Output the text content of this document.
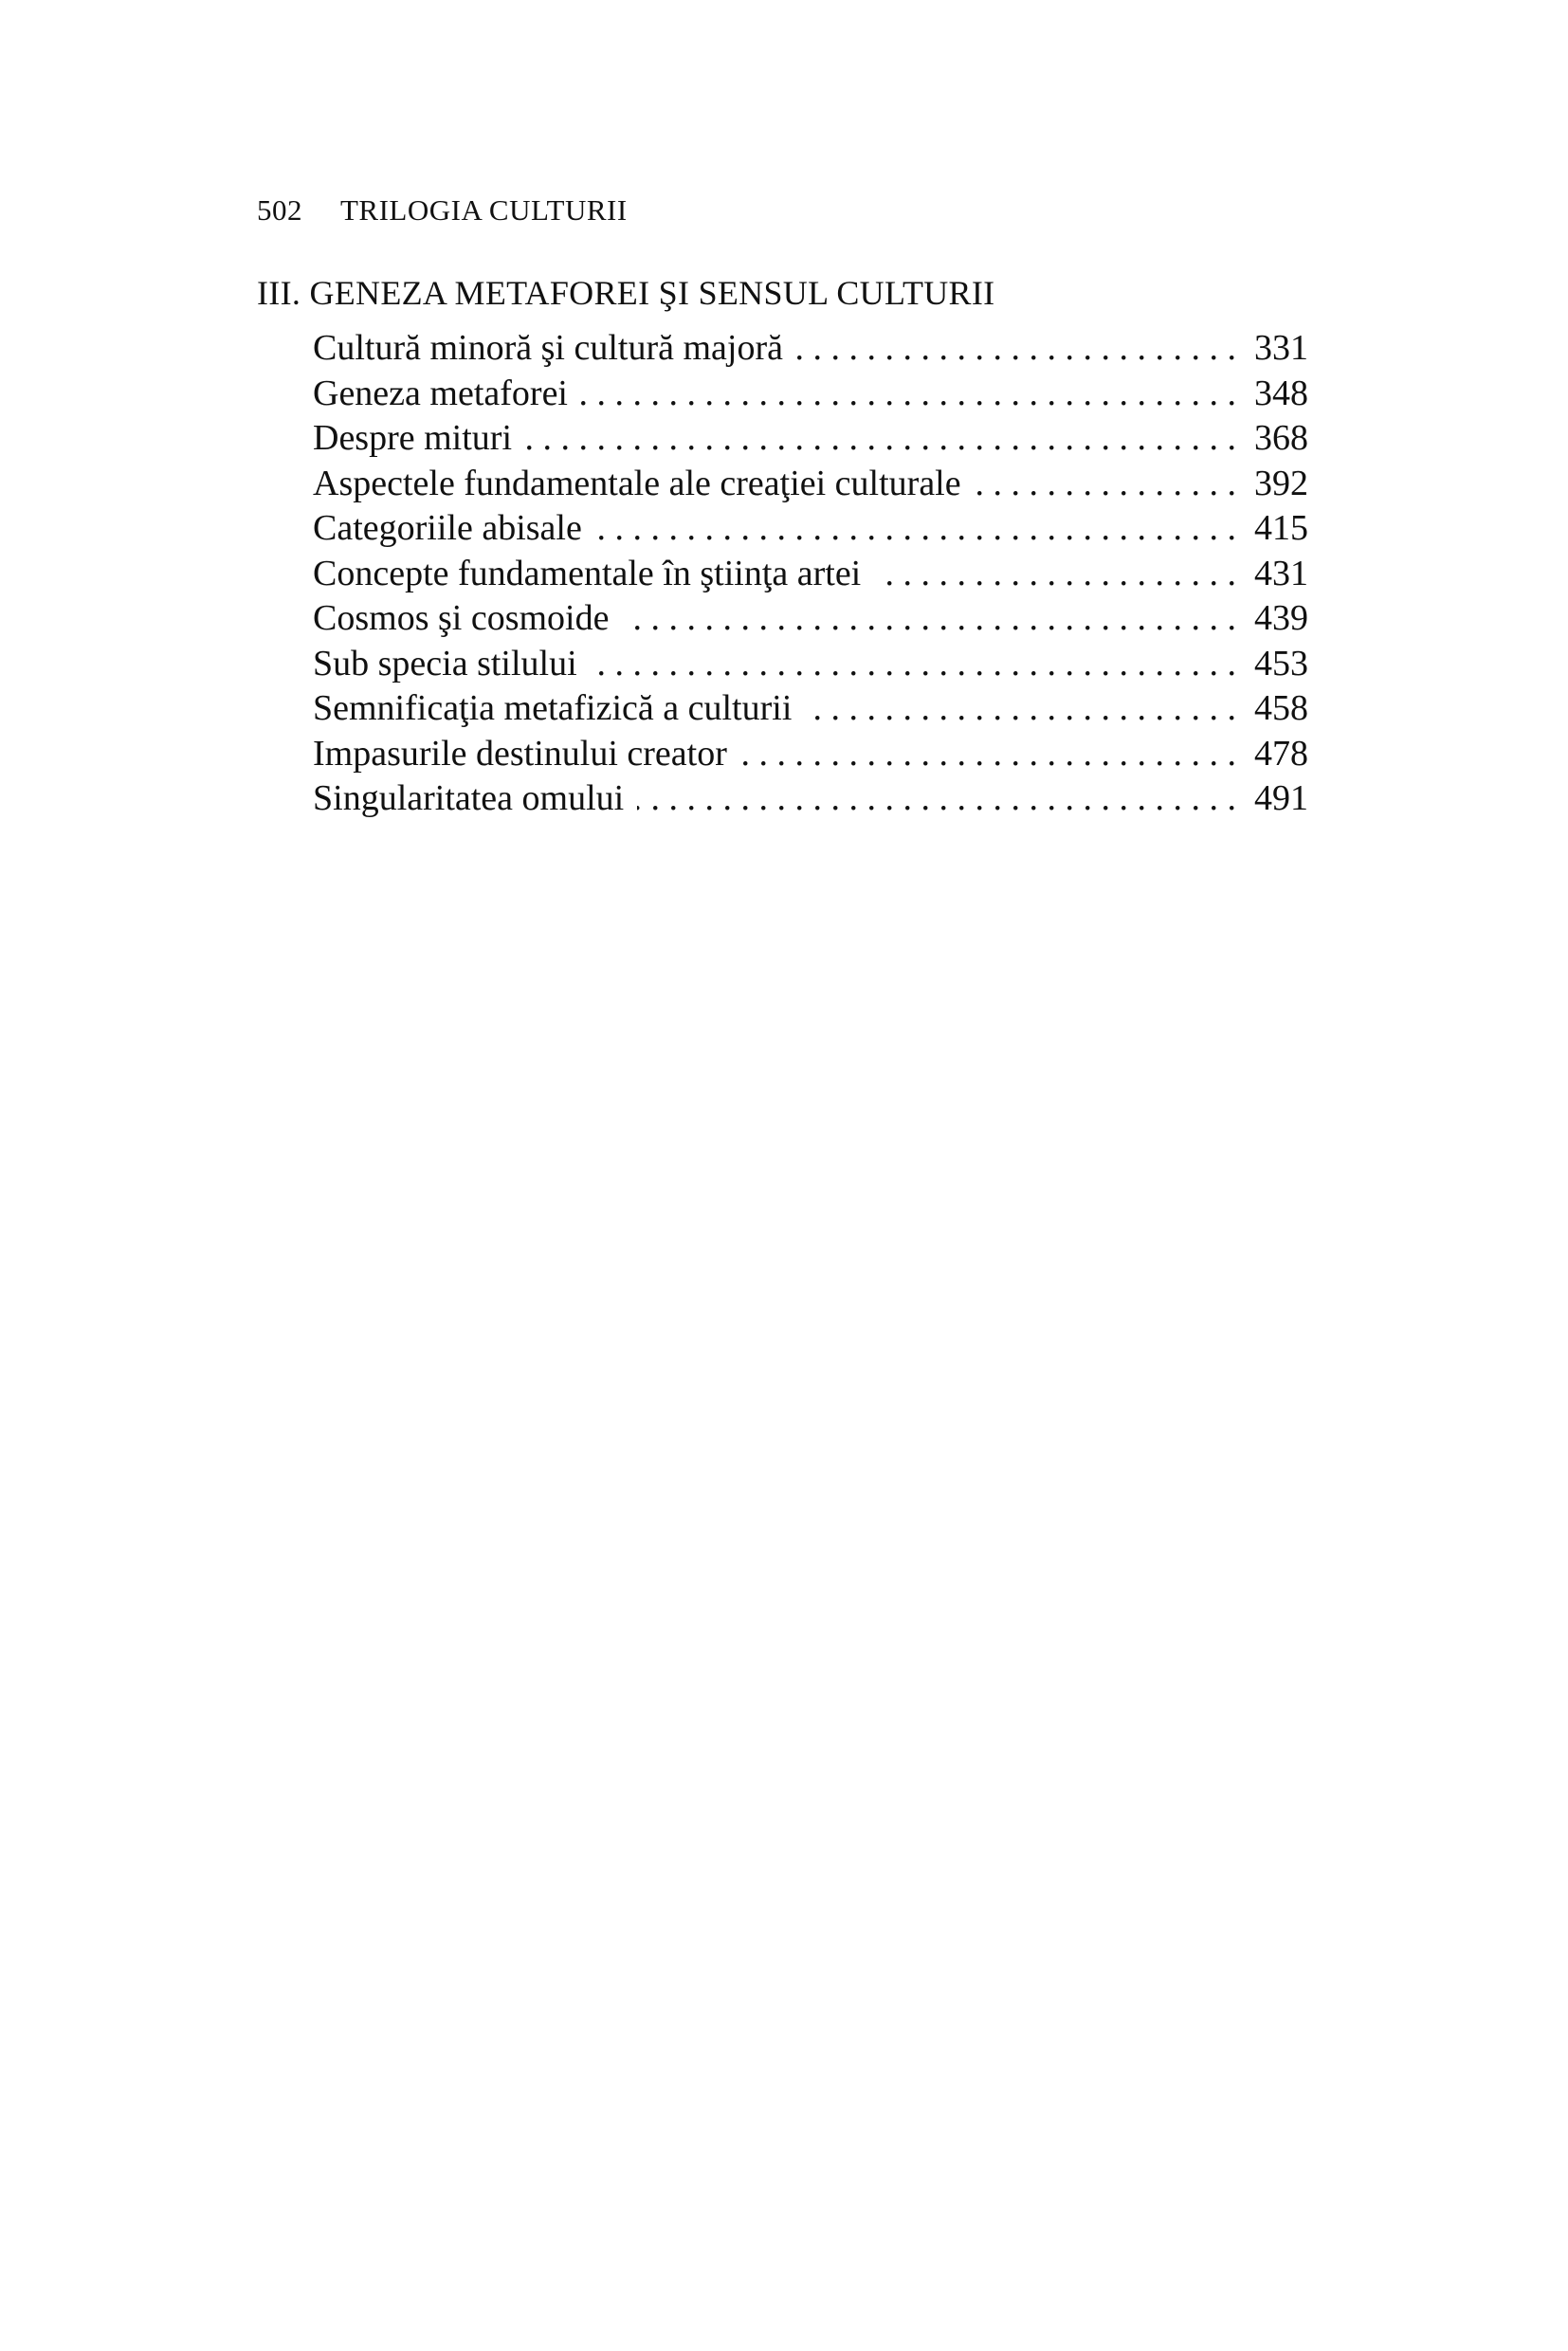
502 TRILOGIA CULTURII
III. GENEZA METAFOREI ŞI SENSUL CULTURII
Cultură minoră şi cultură majoră . . .	331
Geneza metaforei . . .	348
Despre mituri . . .	368
Aspectele fundamentale ale creaţiei culturale . . .	392
Categoriile abisale . . .	415
Concepte fundamentale în ştiinţa artei . . .	431
Cosmos şi cosmoide . . .	439
Sub specia stilului . . .	453
Semnificaţia metafizică a culturii . . .	458
Impasurile destinului creator . . .	478
Singularitatea omului . . .	491
